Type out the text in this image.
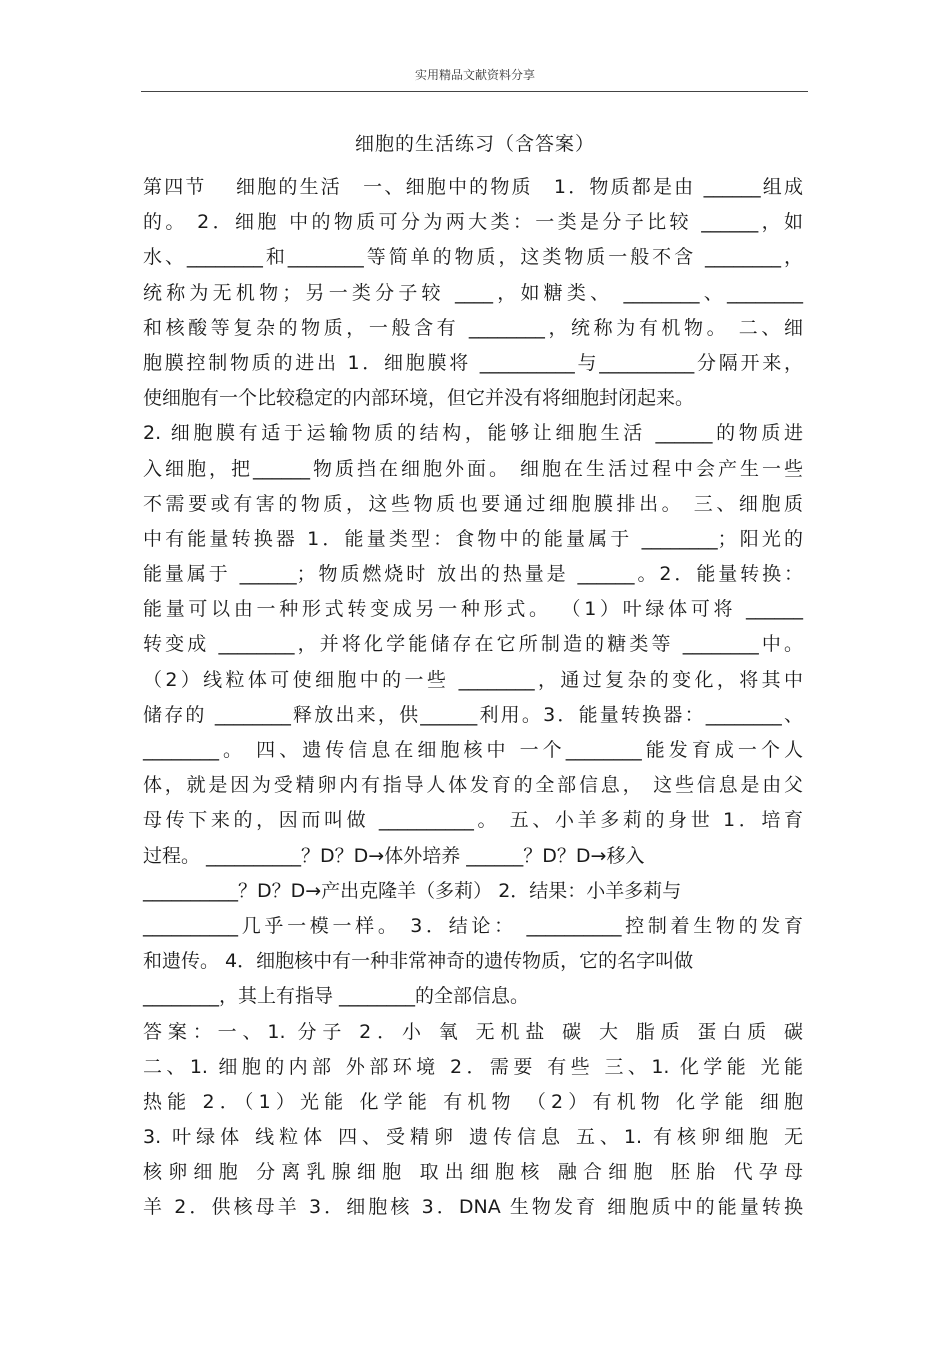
实用精品文献资料分享
细胞的生活练习（含答案）
第四节　 细胞的生活　一、细胞中的物质　1．物质都是由 ______组成
的。 2．细胞 中的物质可分为两大类：一类是分子比较 ______，如
水、________和________等简单的物质，这类物质一般不含 ________，
统称为无机物；另一类分子较 ____，如糖类、 ________、________
和核酸等复杂的物质，一般含有 ________，统称为有机物。 二、细
胞膜控制物质的进出 1．细胞膜将 __________与__________分隔开来，
使细胞有一个比较稳定的内部环境，但它并没有将细胞封闭起来。
2. 细胞膜有适于运输物质的结构，能够让细胞生活 ______的物质进
入细胞，把______物质挡在细胞外面。 细胞在生活过程中会产生一些
不需要或有害的物质，这些物质也要通过细胞膜排出。 三、细胞质
中有能量转换器 1．能量类型：食物中的能量属于 ________；阳光的
能量属于 ______；物质燃烧时 放出的热量是 ______。2．能量转换：
能量可以由一种形式转变成另一种形式。 （1）叶绿体可将 ______
转变成 ________，并将化学能储存在它所制造的糖类等 ________中。
（2）线粒体可使细胞中的一些 ________，通过复杂的变化，将其中
储存的 ________释放出来，供______利用。3．能量转换器：________、
________。 四、遗传信息在细胞核中 一个________能发育成一个人
体，就是因为受精卵内有指导人体发育的全部信息， 这些信息是由父
母传下来的，因而叫做 __________。 五、小羊多莉的身世 1．培育
过程。 __________？D？D→体外培养 ______？D？D→移入
__________？D？D→产出克隆羊（多莉） 2．结果：小羊多莉与
__________几乎一模一样。 3．结论： __________控制着生物的发育
和遗传。 4．细胞核中有一种非常神奇的遗传物质，它的名字叫做
________，其上有指导 ________的全部信息。
答案：一、1. 分子 2．小 氧 无机盐 碳 大 脂质 蛋白质 碳
二、1. 细胞的内部 外部环境 2．需要 有些 三、1. 化学能 光能
热能 2．（1）光能 化学能 有机物 （2）有机物 化学能 细胞
3. 叶绿体 线粒体 四、受精卵 遗传信息 五、1. 有核卵细胞 无
核卵细胞 分离乳腺细胞 取出细胞核 融合细胞 胚胎 代孕母
羊 2．供核母羊 3．细胞核 3．DNA 生物发育 细胞质中的能量转换
